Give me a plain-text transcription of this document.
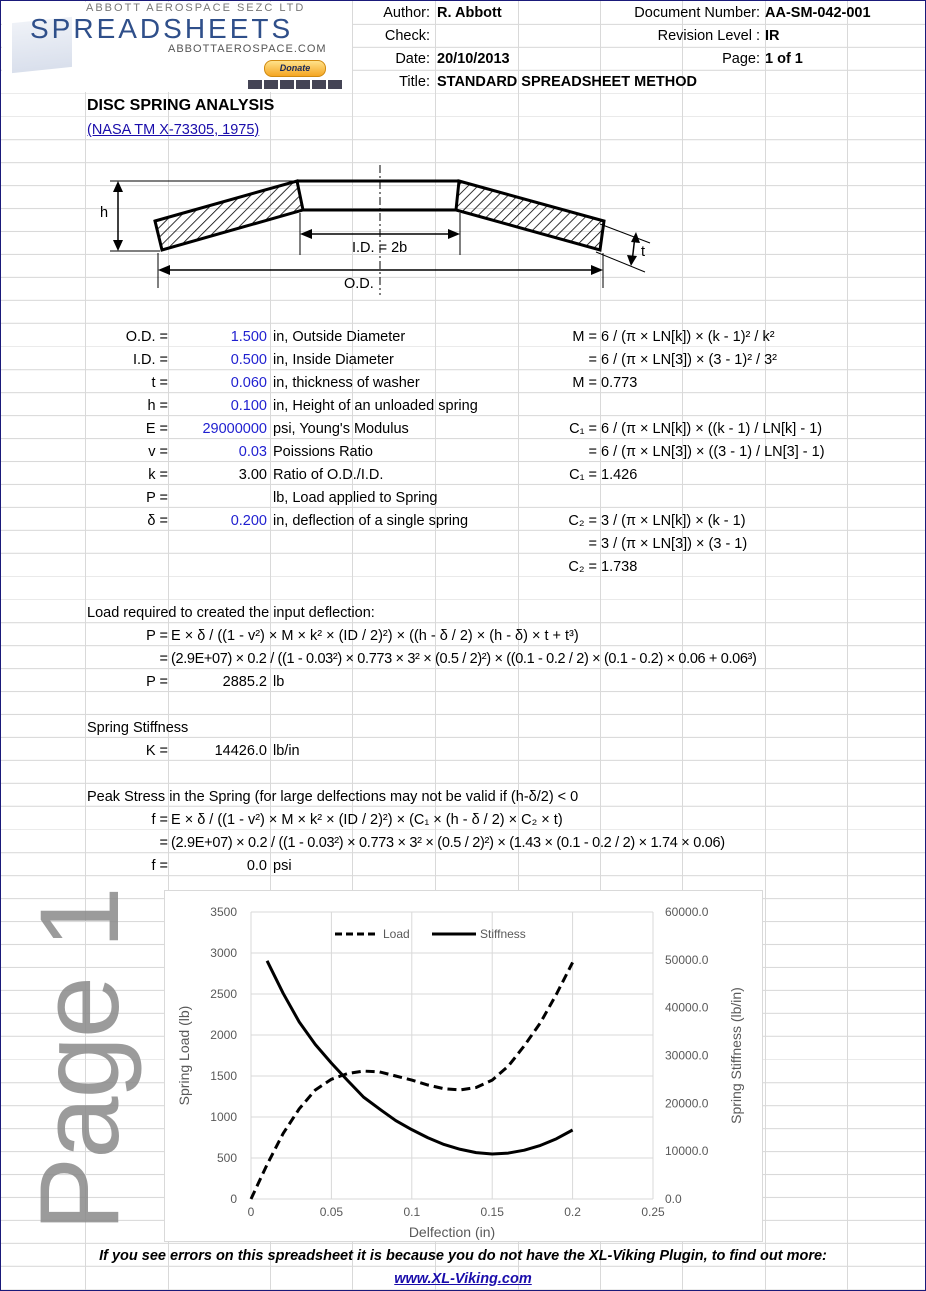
ABBOTT AEROSPACE SEZC LTD
SPREADSHEETS
ABBOTTAEROSPACE.COM
Donate
Author: R. Abbott
Check:
Date: 20/10/2013
Title: STANDARD SPREADSHEET METHOD
Document Number: AA-SM-042-001
Revision Level : IR
Page: 1 of 1
DISC SPRING ANALYSIS
(NASA TM X-73305, 1975)
h
I.D. = 2b
O.D.
t
O.D. =	1.500 in, Outside Diameter
I.D. =	0.500 in, Inside Diameter
t =	0.060 in, thickness of washer
h =	0.100 in, Height of an unloaded spring
E = 29000000 psi, Young's Modulus
v =	0.03 Poissions Ratio
k =	3.00 Ratio of O.D./I.D.
P =	lb, Load applied to Spring
δ =	0.200 in, deflection of a single spring
M = 6 / (π × LN[k]) × (k - 1)² / k²
= 6 / (π × LN[3]) × (3 - 1)² / 3²
M = 0.773
C₁ = 6 / (π × LN[k]) × ((k - 1) / LN[k] - 1)
= 6 / (π × LN[3]) × ((3 - 1) / LN[3] - 1)
C₁ = 1.426
C₂ = 3 / (π × LN[k]) × (k - 1)
= 3 / (π × LN[3]) × (3 - 1)
C₂ = 1.738
Load required to created the input deflection:
P = E × δ / ((1 - v²) × M × k² × (ID / 2)²) × ((h - δ / 2) × (h - δ) × t + t³)
= (2.9E+07) × 0.2 / ((1 - 0.03²) × 0.773 × 3² × (0.5 / 2)²) × ((0.1 - 0.2 / 2) × (0.1 - 0.2) × 0.06 + 0.06³)
P =	2885.2 lb
Spring Stiffness
K =	14426.0 lb/in
Peak Stress in the Spring (for large delfections may not be valid if (h-δ/2) < 0
f = E × δ / ((1 - v²) × M × k² × (ID / 2)²) × (C₁ × (h - δ / 2) × C₂ × t)
= (2.9E+07) × 0.2 / ((1 - 0.03²) × 0.773 × 3² × (0.5 / 2)²) × (1.43 × (0.1 - 0.2 / 2) × 1.74 × 0.06)
f =	0.0 psi
Page 1	0
500
1000
1500
2000
2500
3000
3500
0	0.05	0.1	0.15	0.2	0.25
0.0
10000.0
20000.0
30000.0
40000.0
50000.0
60000.0
Delfection (in)
Spring Load (lb)	Spring Stiffness (lb/in)
Load	Stiffness
If you see errors on this spreadsheet it is because you do not have the XL-Viking Plugin, to find out more:
www.XL-Viking.com
